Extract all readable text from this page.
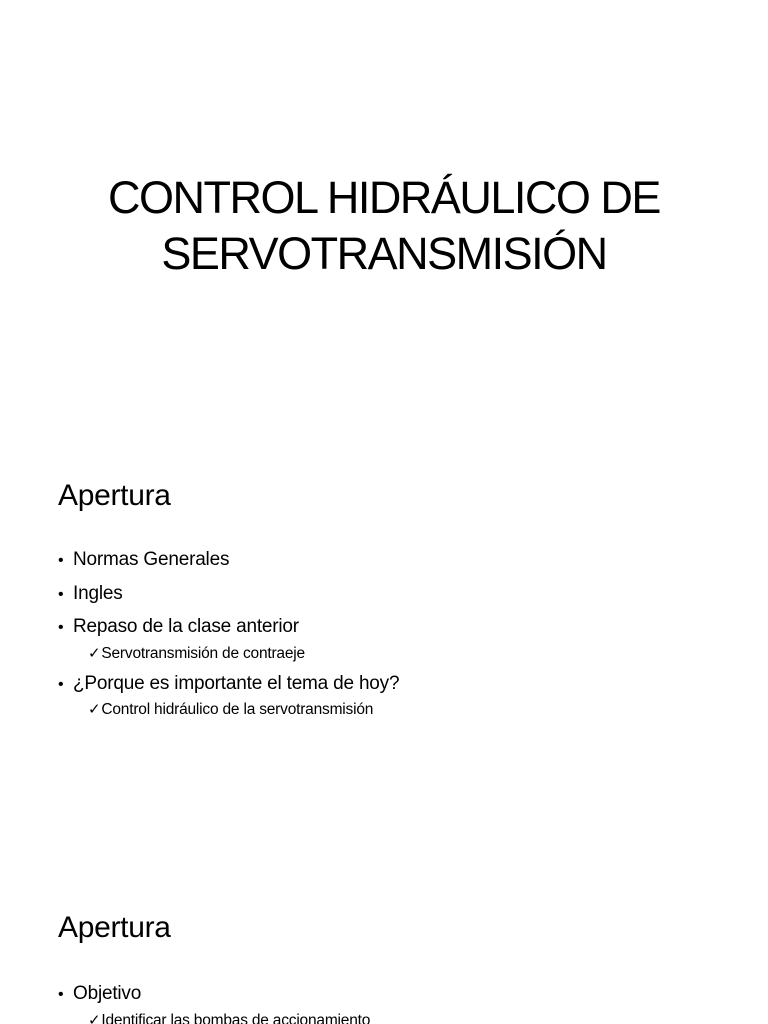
CONTROL HIDRÁULICO DE
SERVOTRANSMISIÓN
Apertura
• Normas Generales
• Ingles
• Repaso de la clase anterior
✓ Servotransmisión de contraeje
• ¿Porque es importante el tema de hoy?
✓ Control hidráulico de la servotransmisión
Apertura
• Objetivo
✓ Identificar las bombas de accionamiento
